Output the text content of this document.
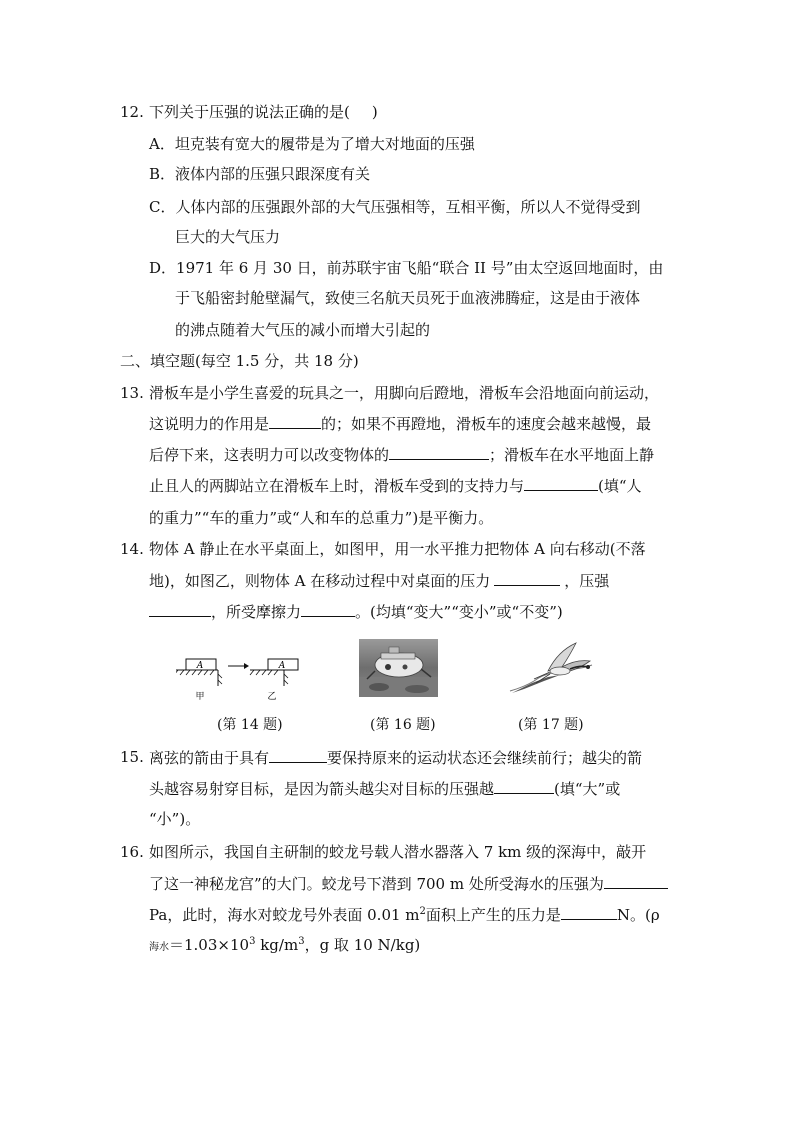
12. 下列关于压强的说法正确的是( )
A．坦克装有宽大的履带是为了增大对地面的压强
B．液体内部的压强只跟深度有关
C．人体内部的压强跟外部的大气压强相等，互相平衡，所以人不觉得受到
巨大的大气压力
D．1971 年 6 月 30 日，前苏联宇宙飞船“联合 II 号”由太空返回地面时，由
于飞船密封舱壁漏气，致使三名航天员死于血液沸腾症，这是由于液体
的沸点随着大气压的减小而增大引起的
二、填空题(每空 1.5 分，共 18 分)
13. 滑板车是小学生喜爱的玩具之一，用脚向后蹬地，滑板车会沿地面向前运动，
这说明力的作用是	的；如果不再蹬地，滑板车的速度会越来越慢，最
后停下来，这表明力可以改变物体的	；滑板车在水平地面上静
止且人的两脚站立在滑板车上时，滑板车受到的支持力与	(填“人
的重力”“车的重力”或“人和车的总重力”)是平衡力。
14. 物体 A 静止在水平桌面上，如图甲，用一水平推力把物体 A 向右移动(不落
地)，如图乙，则物体 A 在移动过程中对桌面的压力	，压强
，所受摩擦力	。(均填“变大”“变小”或“不变”)
A
甲
A
乙
(第 14 题)	(第 16 题)	(第 17 题)
15. 离弦的箭由于具有	要保持原来的运动状态还会继续前行；越尖的箭
头越容易射穿目标，是因为箭头越尖对目标的压强越	(填“大”或
“小”)。
16. 如图所示，我国自主研制的蛟龙号载人潜水器落入 7 km 级的深海中，敲开
了这一神秘龙宫”的大门。蛟龙号下潜到 700 m 处所受海水的压强为
Pa，此时，海水对蛟龙号外表面 0.01 $m^2$面积上产生的压力是	N。(ρ
海水$=1.03\times 10^3$ $kg/m^3$，g 取 10 N/kg)
